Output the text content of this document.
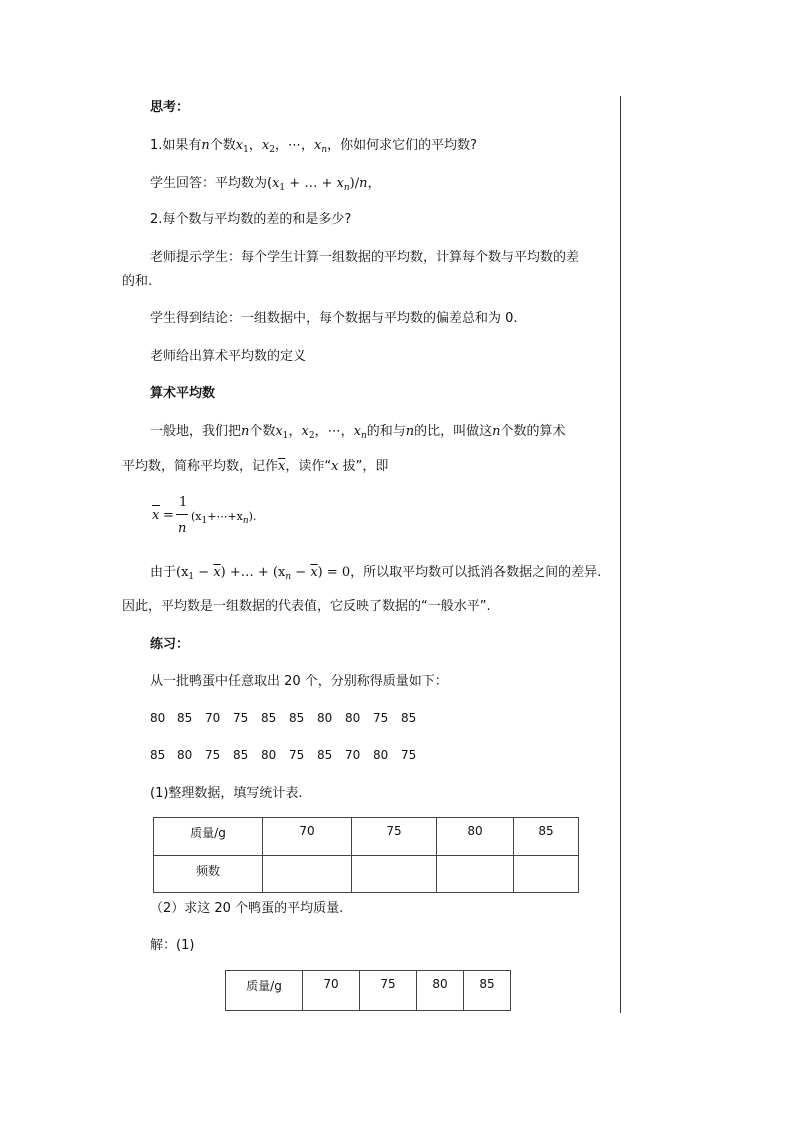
思考：
1.如果有n个数$x_1$，$x_2$，⋯，$x_n$，你如何求它们的平均数?
学生回答：平均数为($x_1$ + … + $x_n)/n$，
2.每个数与平均数的差的和是多少?
老师提示学生：每个学生计算一组数据的平均数，计算每个数与平均数的差
的和.
学生得到结论：一组数据中，每个数据与平均数的偏差总和为 0.
老师给出算术平均数的定义
算术平均数
一般地，我们把n个数$x_1$，$x_2$，⋯，$x_n$的和与n的比，叫做这n个数的算术
平均数，简称平均数，记作$\overline{x}$，读作“x 拔”，即
x =
1
n
$(x_1+\cdots+x_n)$.
由于$(x_1 - \overline{x})$ +… + $(x_n - \overline{x}) = 0$，所以取平均数可以抵消各数据之间的差异.
因此，平均数是一组数据的代表值，它反映了数据的“一般水平”.
练习：
从一批鸭蛋中任意取出 20 个，分别称得质量如下：
80 85 70 75 85 85 80 80 75 85
85 80 75 85 80 75 85 70 80 75
(1)整理数据，填写统计表.
质量/g	70	75	80	85
频数				
（2）求这 20 个鸭蛋的平均质量.
解：(1)
质量/g	70	75	80	85
